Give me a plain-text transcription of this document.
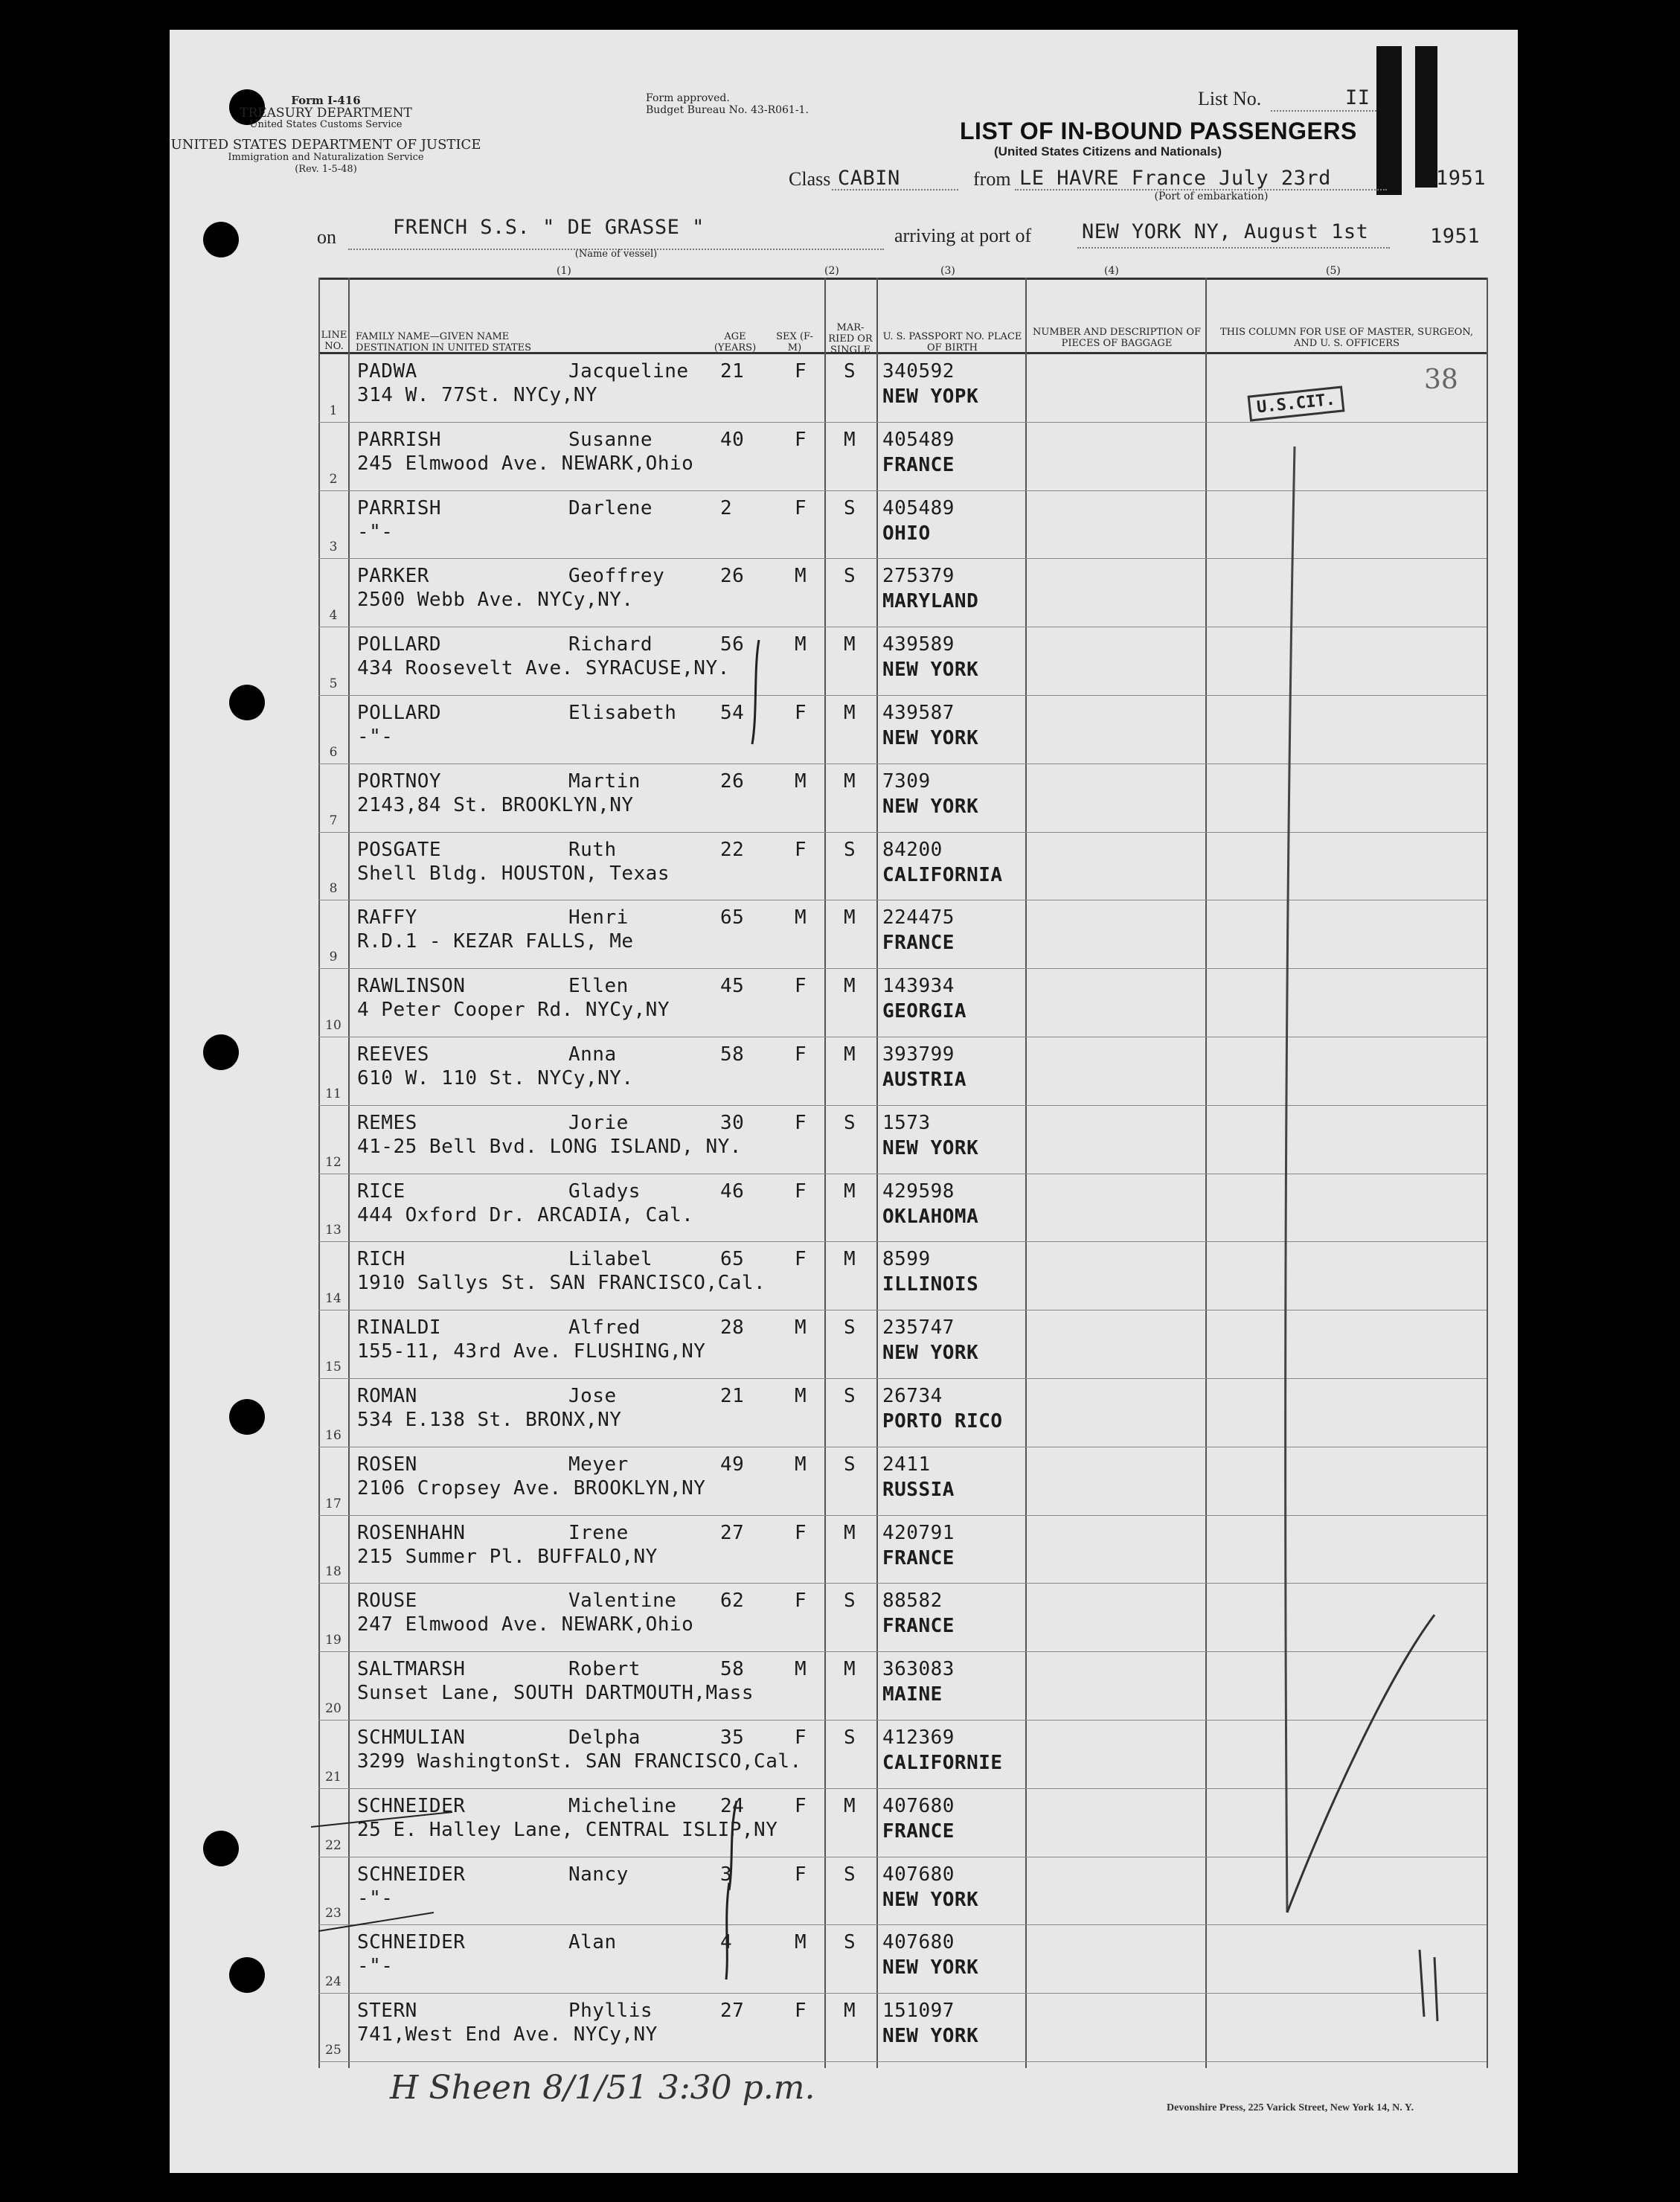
Form I-416
TREASURY DEPARTMENT
United States Customs Service
UNITED STATES DEPARTMENT OF JUSTICE
Immigration and Naturalization Service
(Rev. 1-5-48)
Form approved.
Budget Bureau No. 43-R061-1.
LIST OF IN-BOUND PASSENGERS
(United States Citizens and Nationals)
List No.	II
Class CABIN	from LE HAVRE France July 23rd	1951
(Port of embarkation)
on	FRENCH S.S. " DE GRASSE "
(Name of vessel)
arriving at port of	NEW YORK NY, August 1st	1951
(1)	(2)	(3)	(4)	(5)
LINE NO.
FAMILY NAME—GIVEN NAME DESTINATION IN UNITED STATES
AGE (YEARS)
SEX (F-M)
MAR- RIED OR SINGLE
U. S. PASSPORT NO. PLACE OF BIRTH
NUMBER AND DESCRIPTION OF PIECES OF BAGGAGE
THIS COLUMN FOR USE OF MASTER, SURGEON, AND U. S. OFFICERS
1
PADWA	Jacqueline 21	F S 340592
314 W. 77St. NYCy,NY	NEW YOPK
2
PARRISH	Susanne	40	F M 405489
245 Elmwood Ave. NEWARK,Ohio	FRANCE
3
PARRISH	Darlene	2	F S 405489
-"-	OHIO
4
PARKER	Geoffrey	26	M S 275379
2500 Webb Ave. NYCy,NY.	MARYLAND
5
POLLARD	Richard	56	M M 439589
434 Roosevelt Ave. SYRACUSE,NY.	NEW YORK
6
POLLARD	Elisabeth 54	F M 439587
-"-	NEW YORK
7
PORTNOY	Martin	26	M M 7309
2143,84 St. BROOKLYN,NY	NEW YORK
8
POSGATE	Ruth	22	F S 84200
Shell Bldg. HOUSTON, Texas	CALIFORNIA
9
RAFFY	Henri	65	M M 224475
R.D.1 - KEZAR FALLS, Me	FRANCE
10
RAWLINSON	Ellen	45	F M 143934
4 Peter Cooper Rd. NYCy,NY	GEORGIA
11
REEVES	Anna	58	F M 393799
610 W. 110 St. NYCy,NY.	AUSTRIA
12
REMES	Jorie	30	F S 1573
41-25 Bell Bvd. LONG ISLAND, NY.	NEW YORK
13
RICE	Gladys	46	F M 429598
444 Oxford Dr. ARCADIA, Cal.	OKLAHOMA
14
RICH	Lilabel	65	F M 8599
1910 Sallys St. SAN FRANCISCO,Cal.	ILLINOIS
15
RINALDI	Alfred	28	M S 235747
155-11, 43rd Ave. FLUSHING,NY	NEW YORK
16
ROMAN	Jose	21	M S 26734
534 E.138 St. BRONX,NY	PORTO RICO
17
ROSEN	Meyer	49	M S 2411
2106 Cropsey Ave. BROOKLYN,NY	RUSSIA
18
ROSENHAHN	Irene	27	F M 420791
215 Summer Pl. BUFFALO,NY	FRANCE
19
ROUSE	Valentine 62	F S 88582
247 Elmwood Ave. NEWARK,Ohio	FRANCE
20
SALTMARSH	Robert	58	M M 363083
Sunset Lane, SOUTH DARTMOUTH,Mass	MAINE
21
SCHMULIAN	Delpha	35	F S 412369
3299 WashingtonSt. SAN FRANCISCO,Cal.	CALIFORNIE
22
SCHNEIDER	Micheline 24	F M 407680
25 E. Halley Lane, CENTRAL ISLIP,NY	FRANCE
23
SCHNEIDER	Nancy	3	F S 407680
-"-	NEW YORK
24
SCHNEIDER	Alan	4	M S 407680
-"-	NEW YORK
25
STERN	Phyllis	27	F M 151097
741,West End Ave. NYCy,NY	NEW YORK
U.S.CIT.
38
H Sheen 8/1/51 3:30 p.m.
Devonshire Press, 225 Varick Street, New York 14, N. Y.
